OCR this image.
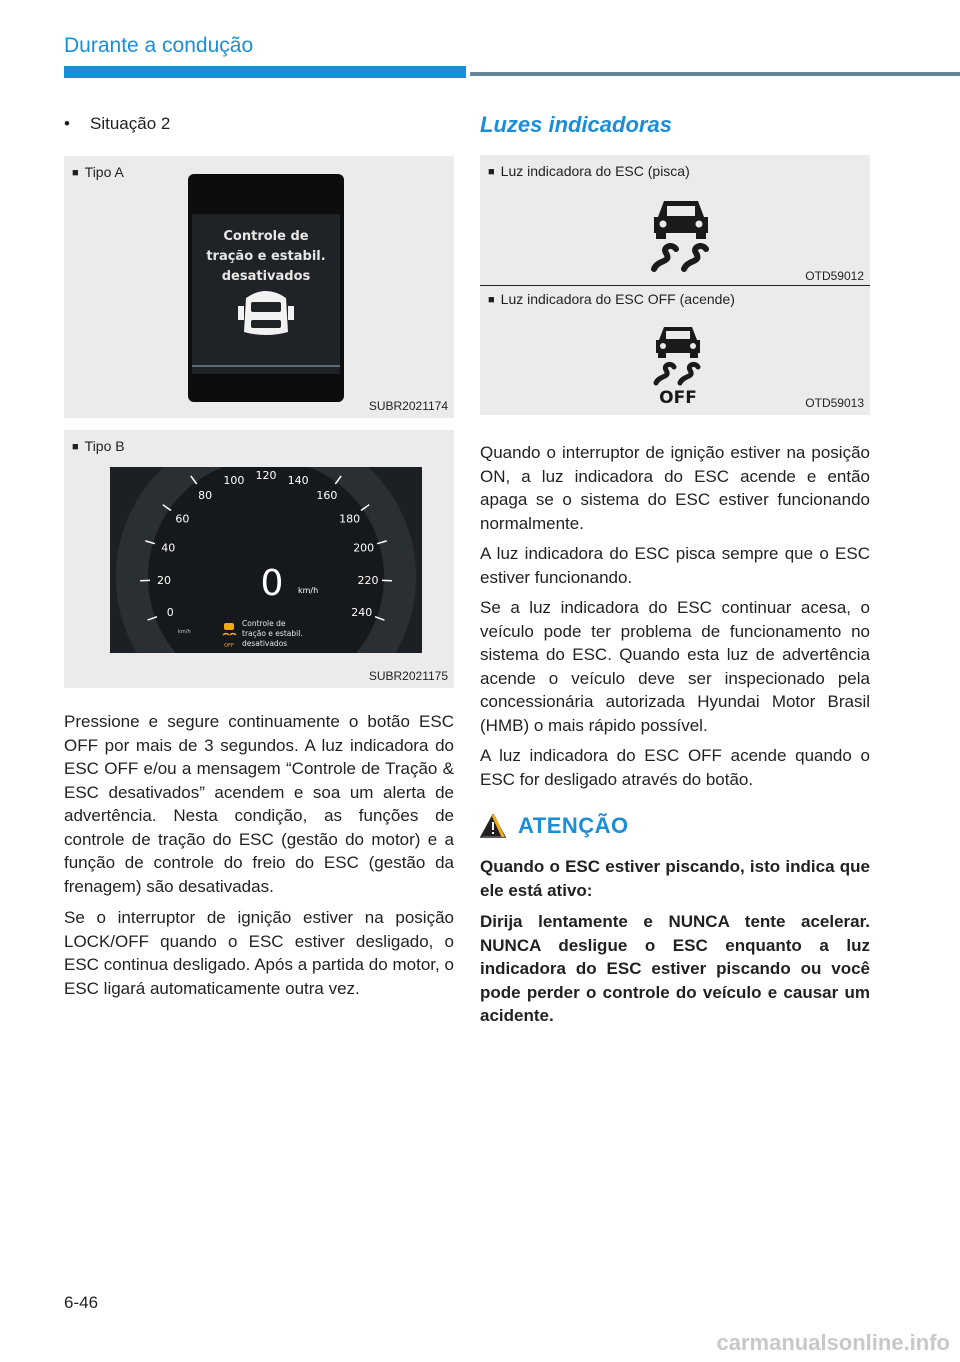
Durante a condução
• Situação 2
■ Tipo A
Controle de
tração e estabil.
desativados
SUBR2021174
■ Tipo B
0
20
40
60
80
100 120 140
160
180
200
220
240
0 km/h
km/h
OFF
Controle de
tração e estabil.
desativados
SUBR2021175

Pressione e segure continuamente o botão ESC OFF por mais de 3 segundos. A luz indicadora do ESC OFF e/ou a mensagem “Controle de Tração & ESC desativados” acendem e soa um alerta de advertência. Nesta condição, as funções de controle de tração do ESC (gestão do motor) e a função de controle do freio do ESC (gestão da frenagem) são desativadas.

Se o interruptor de ignição estiver na posição LOCK/OFF quando o ESC estiver desligado, o ESC continua desligado. Após a partida do motor, o ESC ligará automaticamente outra vez.

Luzes indicadoras
■ Luz indicadora do ESC (pisca)
OTD59012
■ Luz indicadora do ESC OFF (acende)
OFF	OTD59013

Quando o interruptor de ignição estiver na posição ON, a luz indicadora do ESC acende e então apaga se o sistema do ESC estiver funcionando normalmente.

A luz indicadora do ESC pisca sempre que o ESC estiver funcionando.

Se a luz indicadora do ESC continuar acesa, o veículo pode ter problema de funcionamento no sistema do ESC. Quando esta luz de advertência acende o veículo deve ser inspecionado pela concessionária autorizada Hyundai Motor Brasil (HMB) o mais rápido possível.

A luz indicadora do ESC OFF acende quando o ESC for desligado através do botão.

ATENÇÃO

Quando o ESC estiver piscando, isto indica que ele está ativo:

Dirija lentamente e NUNCA tente acelerar. NUNCA desligue o ESC enquanto a luz indicadora do ESC estiver piscando ou você pode perder o controle do veículo e causar um acidente.

6-46
carmanualsonline.info
